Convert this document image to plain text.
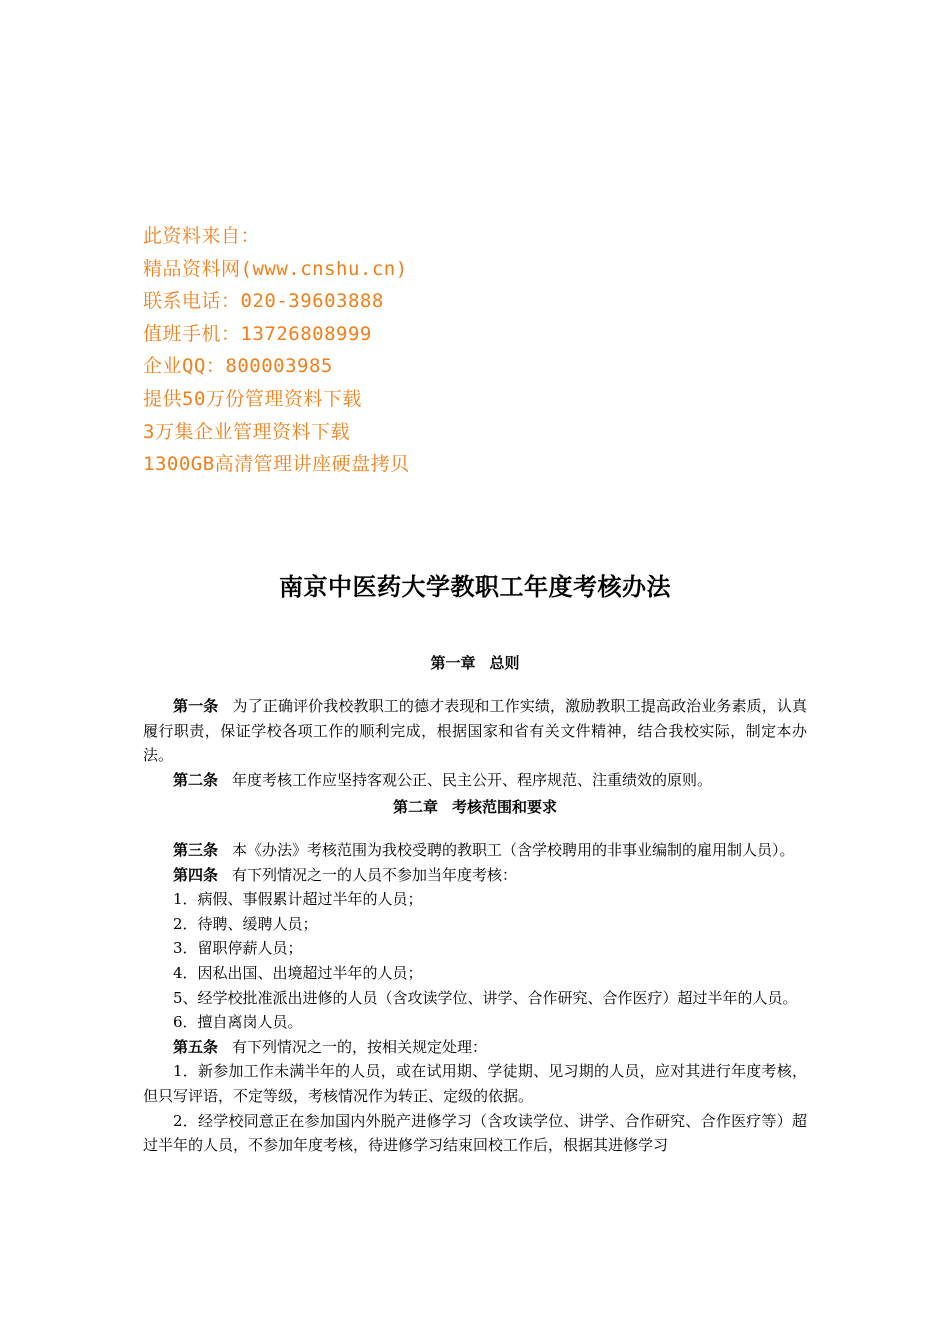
此资料来自：
精品资料网(www.cnshu.cn)
联系电话：020-39603888
值班手机：13726808999
企业QQ：800003985
提供50万份管理资料下载
3万集企业管理资料下载
1300GB高清管理讲座硬盘拷贝
南京中医药大学教职工年度考核办法
第一章 总则

第一条 为了正确评价我校教职工的德才表现和工作实绩，激励教职工提高政治业务素质，认真履行职责，保证学校各项工作的顺利完成，根据国家和省有关文件精神，结合我校实际，制定本办法。

第二条 年度考核工作应坚持客观公正、民主公开、程序规范、注重绩效的原则。

第二章 考核范围和要求

第三条 本《办法》考核范围为我校受聘的教职工（含学校聘用的非事业编制的雇用制人员）。

第四条 有下列情况之一的人员不参加当年度考核：

1．病假、事假累计超过半年的人员；

2．待聘、缓聘人员；

3．留职停薪人员；

4．因私出国、出境超过半年的人员；

5、经学校批准派出进修的人员（含攻读学位、讲学、合作研究、合作医疗）超过半年的人员。

6．擅自离岗人员。

第五条 有下列情况之一的，按相关规定处理：

1．新参加工作未满半年的人员，或在试用期、学徒期、见习期的人员，应对其进行年度考核，但只写评语，不定等级，考核情况作为转正、定级的依据。

2．经学校同意正在参加国内外脱产进修学习（含攻读学位、讲学、合作研究、合作医疗等）超过半年的人员，不参加年度考核，待进修学习结束回校工作后，根据其进修学习
